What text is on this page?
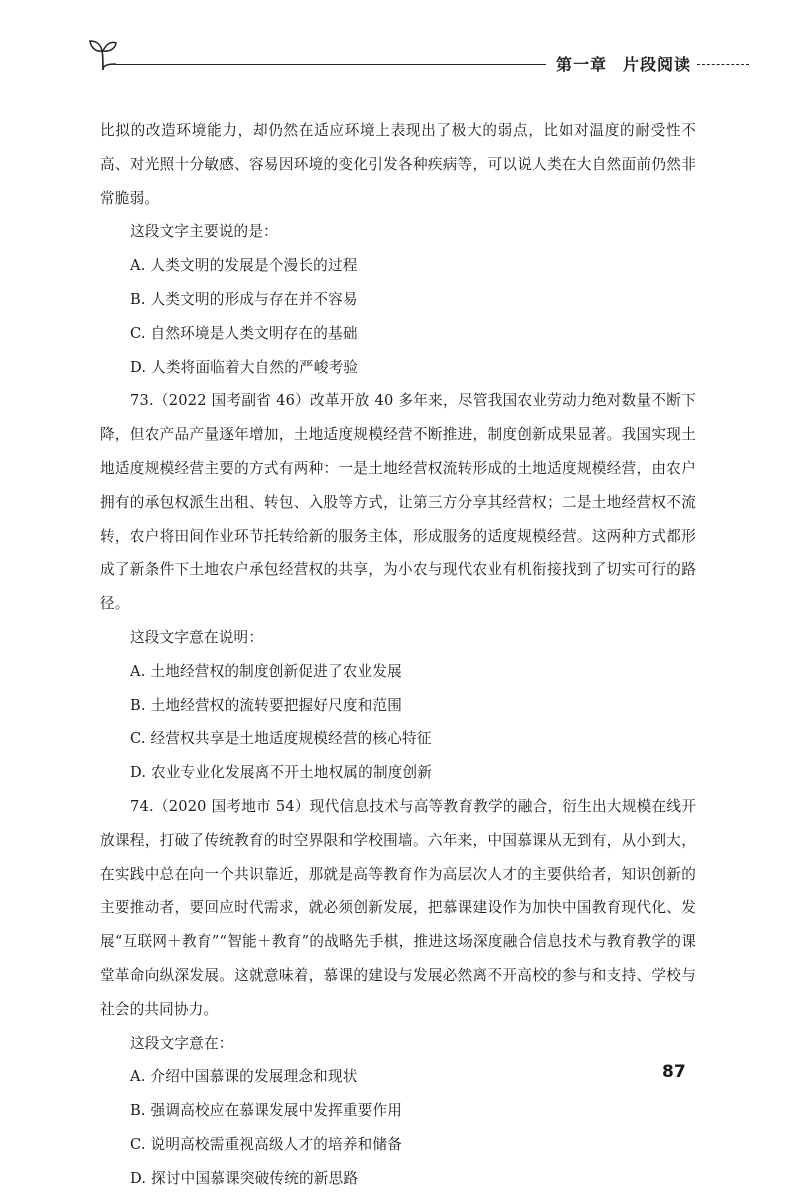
第一章 片段阅读

比拟的改造环境能力，却仍然在适应环境上表现出了极大的弱点，比如对温度的耐受性不高、对光照十分敏感、容易因环境的变化引发各种疾病等，可以说人类在大自然面前仍然非常脆弱。

这段文字主要说的是：

A. 人类文明的发展是个漫长的过程

B. 人类文明的形成与存在并不容易

C. 自然环境是人类文明存在的基础

D. 人类将面临着大自然的严峻考验

73.（2022 国考副省 46）改革开放 40 多年来，尽管我国农业劳动力绝对数量不断下降，但农产品产量逐年增加，土地适度规模经营不断推进，制度创新成果显著。我国实现土地适度规模经营主要的方式有两种：一是土地经营权流转形成的土地适度规模经营，由农户拥有的承包权派生出租、转包、入股等方式，让第三方分享其经营权；二是土地经营权不流转，农户将田间作业环节托转给新的服务主体，形成服务的适度规模经营。这两种方式都形成了新条件下土地农户承包经营权的共享，为小农与现代农业有机衔接找到了切实可行的路径。

这段文字意在说明：

A. 土地经营权的制度创新促进了农业发展

B. 土地经营权的流转要把握好尺度和范围

C. 经营权共享是土地适度规模经营的核心特征

D. 农业专业化发展离不开土地权属的制度创新

74.（2020 国考地市 54）现代信息技术与高等教育教学的融合，衍生出大规模在线开放课程，打破了传统教育的时空界限和学校围墙。六年来，中国慕课从无到有，从小到大，在实践中总在向一个共识靠近，那就是高等教育作为高层次人才的主要供给者，知识创新的主要推动者，要回应时代需求，就必须创新发展，把慕课建设作为加快中国教育现代化、发展“互联网＋教育”“智能＋教育”的战略先手棋，推进这场深度融合信息技术与教育教学的课堂革命向纵深发展。这就意味着，慕课的建设与发展必然离不开高校的参与和支持、学校与社会的共同协力。

这段文字意在：

A. 介绍中国慕课的发展理念和现状

B. 强调高校应在慕课发展中发挥重要作用

C. 说明高校需重视高级人才的培养和储备

D. 探讨中国慕课突破传统的新思路

87
